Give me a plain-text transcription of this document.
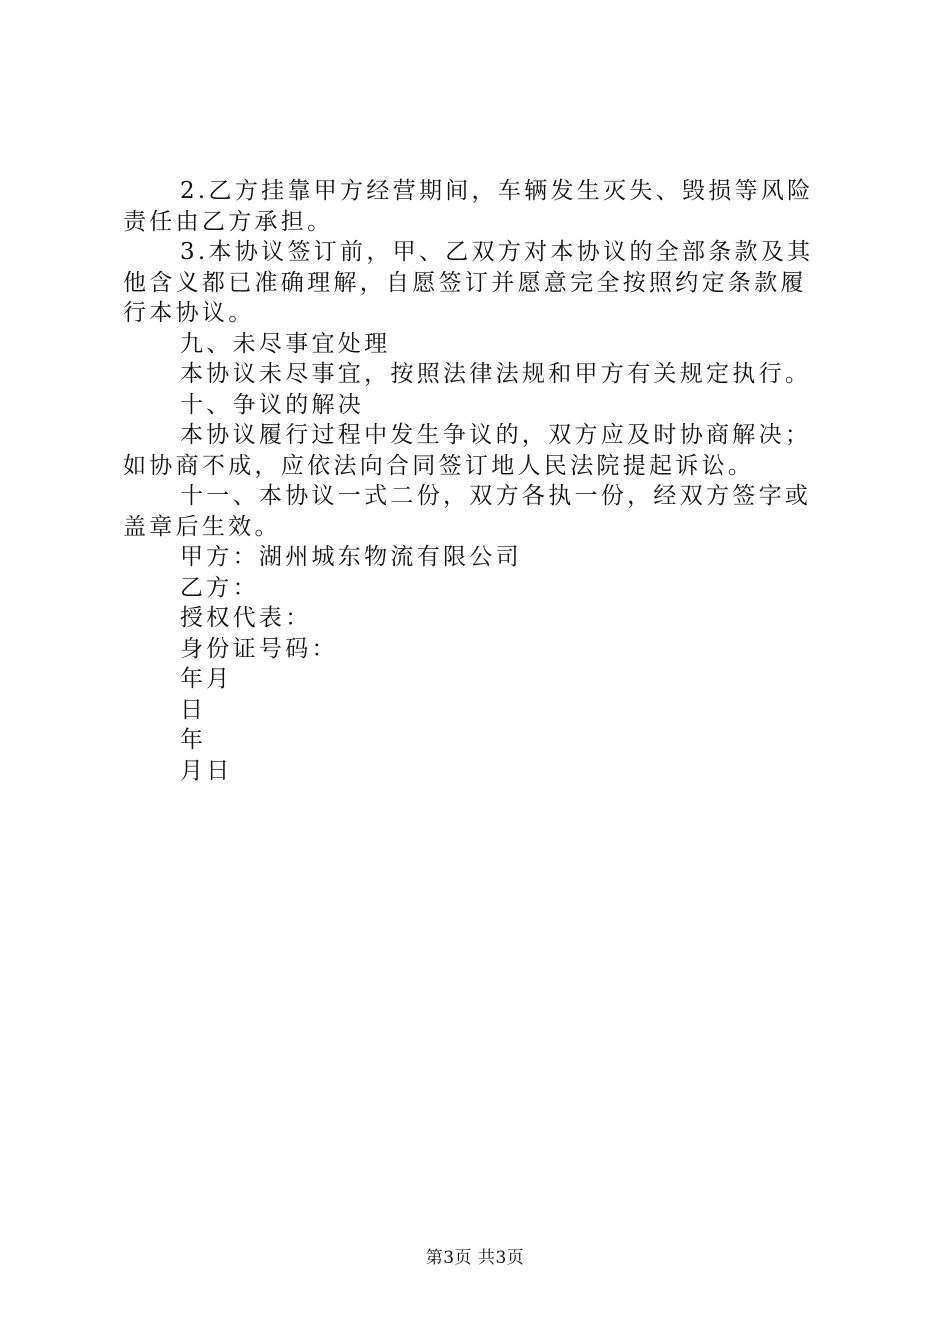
2.乙方挂靠甲方经营期间，车辆发生灭失、毁损等风险责任由乙方承担。

3.本协议签订前，甲、乙双方对本协议的全部条款及其他含义都已准确理解，自愿签订并愿意完全按照约定条款履行本协议。

九、未尽事宜处理

本协议未尽事宜，按照法律法规和甲方有关规定执行。

十、争议的解决

本协议履行过程中发生争议的，双方应及时协商解决；如协商不成，应依法向合同签订地人民法院提起诉讼。

十一、本协议一式二份，双方各执一份，经双方签字或盖章后生效。

甲方：湖州城东物流有限公司

乙方：

授权代表：

身份证号码：

年月

日

年

月日

第3页 共3页
